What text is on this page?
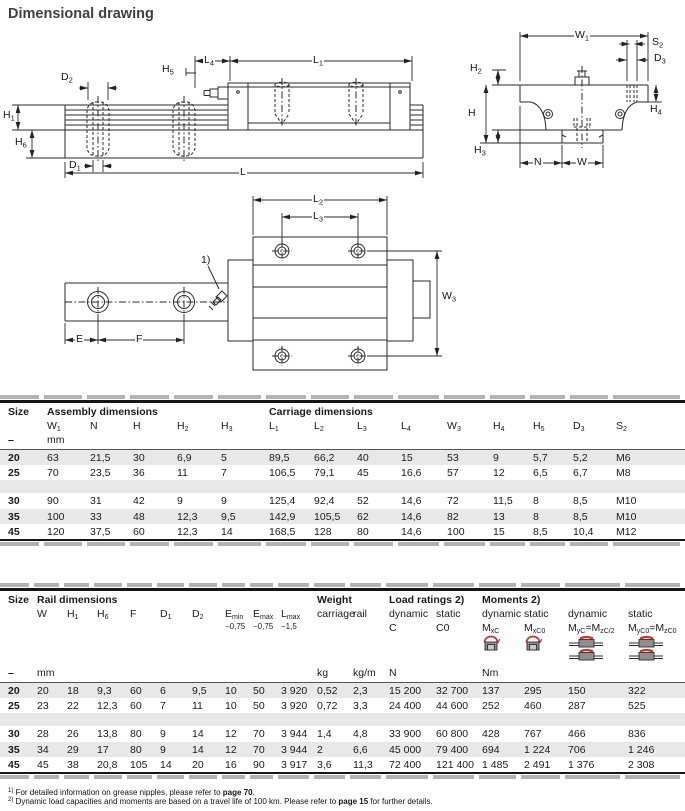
Dimensional drawing
$D_2$
$H_5$
$L_4$	$L_1$
$H_1$
$H_6$
$D_1$	L
$W_1$	$S_2$
$D_3$
$H_2$
H
$H_3$
$H_4$
N	W
$L_2$
$L_3$
$W_3$
E	F
1)
Size	Assembly dimensions					Carriage dimensions								
	$W_1$	N	H	$H_2$	$H_3$	$L_1$	$L_2$	$L_3$	$L_4$	$W_3$	$H_4$	$H_5$	$D_3$	$S_2$
–	mm													
20	63	21,5	30	6,9	5	89,5	66,2	40	15	53	9	5,7	5,2	M6
25	70	23,5	36	11	7	106,5	79,1	45	16,6	57	12	6,5	6,7	M8

30	90	31	42	9	9	125,4	92,4	52	14,6	72	11,5	8	8,5	M10
35	100	33	48	12,3	9,5	142,9	105,5	62	14,6	82	13	8	8,5	M10
45	120	37,5	60	12,3	14	168,5	128	80	14,6	100	15	8,5	10,4	M12
Size	Rail dimensions									Weight		Load ratings 2)		Moments 2)			
	W	$H_1$	$H_6$	F	$D_1$	$D_2$	$E_{min}$	$E_{max}$	$L_{max}$	carriage	rail	dynamic	static	dynamic	static	dynamic	static

							−0,75	−0,75	−1,5			C	C0	$M_{xC}$	$M_{xC0}$	$M_{yC}=M_{zC/2}$	$M_{yC0}=M_{zC0}$

–	mm									kg	kg/m	N		Nm			
20	20	18	9,3	60	6	9,5	10	50	3 920	0,52	2,3	15 200	32 700	137	295	150	322
25	23	22	12,3	60	7	11	10	50	3 920	0,72	3,3	24 400	44 600	252	460	287	525

30	28	26	13,8	80	9	14	12	70	3 944	1,4	4,8	33 900	60 800	428	767	466	836
35	34	29	17	80	9	14	12	70	3 944	2	6,6	45 000	79 400	694	1 224	706	1 246
45	45	38	20,8	105	14	20	16	90	3 917	3,6	11,3	72 400	121 400	1 485	2 491	1 376	2 308

$^{1)}$ For detailed information on grease nipples, please refer to page 70.

$^{2)}$ Dynamic load capacities and moments are based on a travel life of 100 km. Please refer to page 15 for further details.
